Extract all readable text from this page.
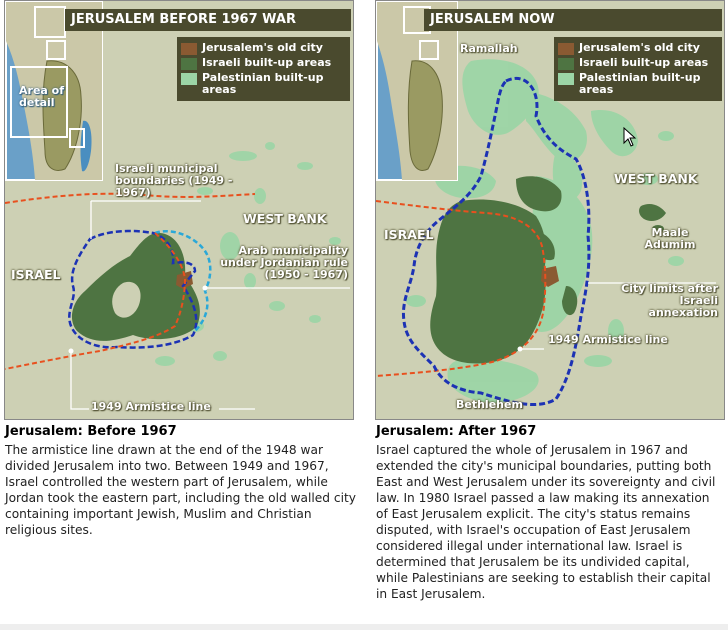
JERUSALEM BEFORE 1967 WAR
Jerusalem's old city
Israeli built-up areas
Palestinian built-up areas
Area of detail
Israeli municipal boundaries (1949 - 1967)
WEST BANK
Arab municipality under Jordanian rule (1950 - 1967)
ISRAEL
1949 Armistice line
JERUSALEM NOW
Jerusalem's old city
Israeli built-up areas
Palestinian built-up areas
Ramallah
WEST BANK
ISRAEL	Maale Adumim
City limits after Israeli annexation
1949 Armistice line
Bethlehem
Jerusalem: Before 1967

The armistice line drawn at the end of the 1948 war divided Jerusalem into two. Between 1949 and 1967, Israel controlled the western part of Jerusalem, while Jordan took the eastern part, including the old walled city containing important Jewish, Muslim and Christian religious sites.

Jerusalem: After 1967

Israel captured the whole of Jerusalem in 1967 and extended the city's municipal boundaries, putting both East and West Jerusalem under its sovereignty and civil law. In 1980 Israel passed a law making its annexation of East Jerusalem explicit. The city's status remains disputed, with Israel's occupation of East Jerusalem considered illegal under international law. Israel is determined that Jerusalem be its undivided capital, while Palestinians are seeking to establish their capital in East Jerusalem.
